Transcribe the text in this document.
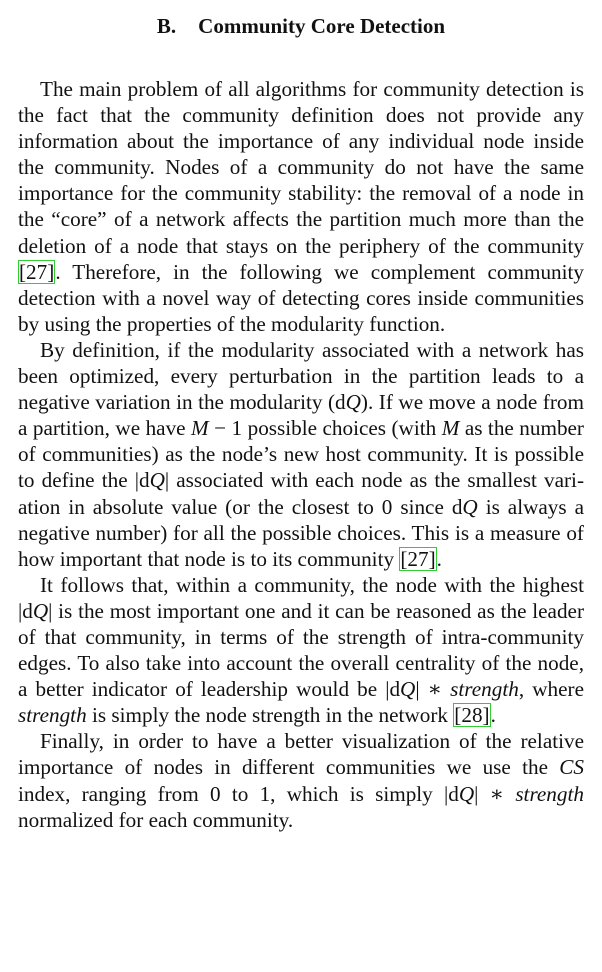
B. Community Core Detection

The main problem of all algorithms for community detection is the fact that the community definition does not provide any information about the importance of any individual node inside the community. Nodes of a community do not have the same importance for the community stability: the removal of a node in the “core” of a network affects the partition much more than the deletion of a node that stays on the periphery of the community [27]. Therefore, in the following we complement community detection with a novel way of detecting cores inside communities by using the properties of the modularity function.

By definition, if the modularity associated with a network has been optimized, every perturbation in the partition leads to a negative variation in the modularity (dQ). If we move a node from a partition, we have M − 1 possible choices (with M as the number of communities) as the node’s new host community. It is possible to define the |dQ| associated with each node as the smallest variation in absolute value (or the closest to 0 since dQ is always a negative number) for all the possible choices. This is a measure of how important that node is to its community [27].

It follows that, within a community, the node with the highest |dQ| is the most important one and it can be reasoned as the leader of that community, in terms of the strength of intra-community edges. To also take into account the overall centrality of the node, a better indicator of leadership would be |dQ| ∗ strength, where strength is simply the node strength in the network [28].

Finally, in order to have a better visualization of the relative importance of nodes in different communities we use the CS index, ranging from 0 to 1, which is simply |dQ| ∗ strength normalized for each community.
